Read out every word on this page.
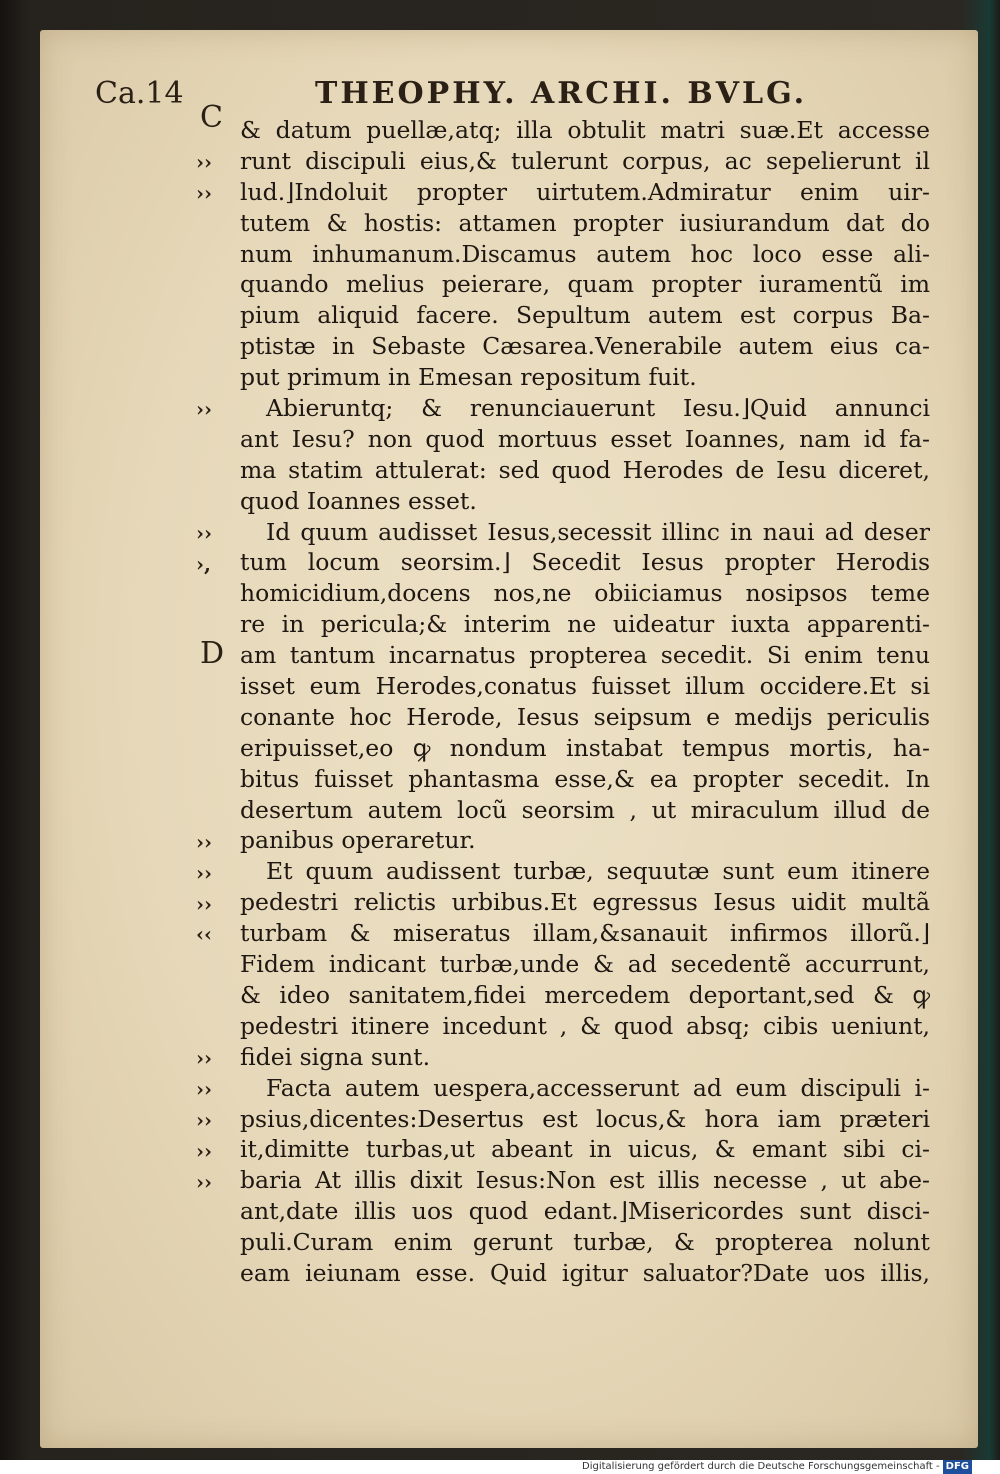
Ca.14	THEOPHY. ARCHI. BVLG.
C
D
››
››
››
››
›,
››
››
››
‹‹
››
››
››
››
››
& datum puellæ,atq; illa obtulit matri suæ.Et accesse
runt discipuli eius,& tulerunt corpus, ac sepelierunt il
lud.⌋Indoluit propter uirtutem.Admiratur enim uir-
tutem & hostis: attamen propter iusiurandum dat do
num inhumanum.Discamus autem hoc loco esse ali-
quando melius peierare, quam propter iuramentũ im
pium aliquid facere. Sepultum autem est corpus Ba-
ptistæ in Sebaste Cæsarea.Venerabile autem eius ca-
put primum in Emesan repositum fuit.
Abieruntq; & renunciauerunt Iesu.⌋Quid annunci
ant Iesu? non quod mortuus esset Ioannes, nam id fa-
ma statim attulerat: sed quod Herodes de Iesu diceret,
quod Ioannes esset.
Id quum audisset Iesus,secessit illinc in naui ad deser
tum locum seorsim.⌋ Secedit Iesus propter Herodis
homicidium,docens nos,ne obiiciamus nosipsos teme
re in pericula;& interim ne uideatur iuxta apparenti-
am tantum incarnatus propterea secedit. Si enim tenu
isset eum Herodes,conatus fuisset illum occidere.Et si
conante hoc Herode, Iesus seipsum e medijs periculis
eripuisset,eo ꝙ nondum instabat tempus mortis, ha-
bitus fuisset phantasma esse,& ea propter secedit. In
desertum autem locũ seorsim , ut miraculum illud de
panibus operaretur.
Et quum audissent turbæ, sequutæ sunt eum itinere
pedestri relictis urbibus.Et egressus Iesus uidit multã
turbam & miseratus illam,&sanauit infirmos illorũ.⌋
Fidem indicant turbæ,unde & ad secedentẽ accurrunt,
& ideo sanitatem,fidei mercedem deportant,sed & ꝙ
pedestri itinere incedunt , & quod absq; cibis ueniunt,
fidei signa sunt.
Facta autem uespera,accesserunt ad eum discipuli i-
psius,dicentes:Desertus est locus,& hora iam præteri
it,dimitte turbas,ut abeant in uicus, & emant sibi ci-
baria At illis dixit Iesus:Non est illis necesse , ut abe-
ant,date illis uos quod edant.⌋Misericordes sunt disci-
puli.Curam enim gerunt turbæ, & propterea nolunt
eam ieiunam esse. Quid igitur saluator?Date uos illis,
Digitalisierung gefördert durch die Deutsche Forschungsgemeinschaft - DFG
